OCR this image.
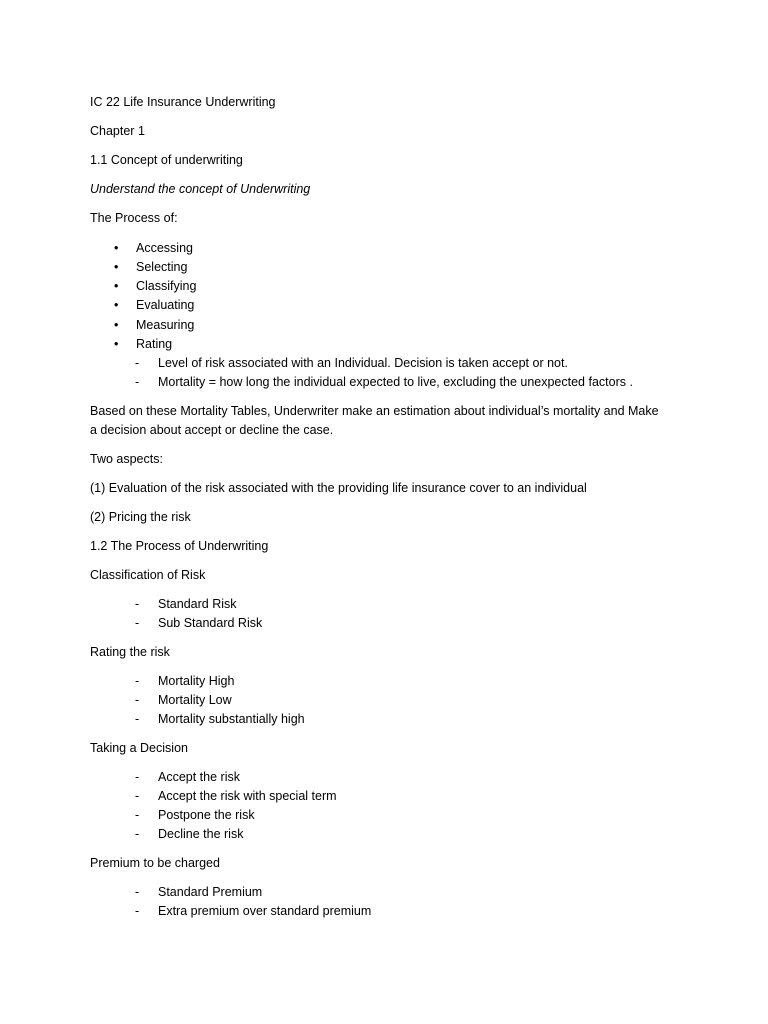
IC 22 Life Insurance Underwriting
Chapter 1
1.1 Concept of underwriting
Understand the concept of Underwriting
The Process of:
• Accessing
• Selecting
• Classifying
• Evaluating
• Measuring
• Rating
- Level of risk associated with an Individual. Decision is taken accept or not.
- Mortality = how long the individual expected to live, excluding the unexpected factors .
Based on these Mortality Tables, Underwriter make an estimation about individual’s mortality and Make
a decision about accept or decline the case.
Two aspects:
(1) Evaluation of the risk associated with the providing life insurance cover to an individual
(2) Pricing the risk
1.2 The Process of Underwriting
Classification of Risk
- Standard Risk
- Sub Standard Risk
Rating the risk
- Mortality High
- Mortality Low
- Mortality substantially high
Taking a Decision
- Accept the risk
- Accept the risk with special term
- Postpone the risk
- Decline the risk
Premium to be charged
- Standard Premium
- Extra premium over standard premium
